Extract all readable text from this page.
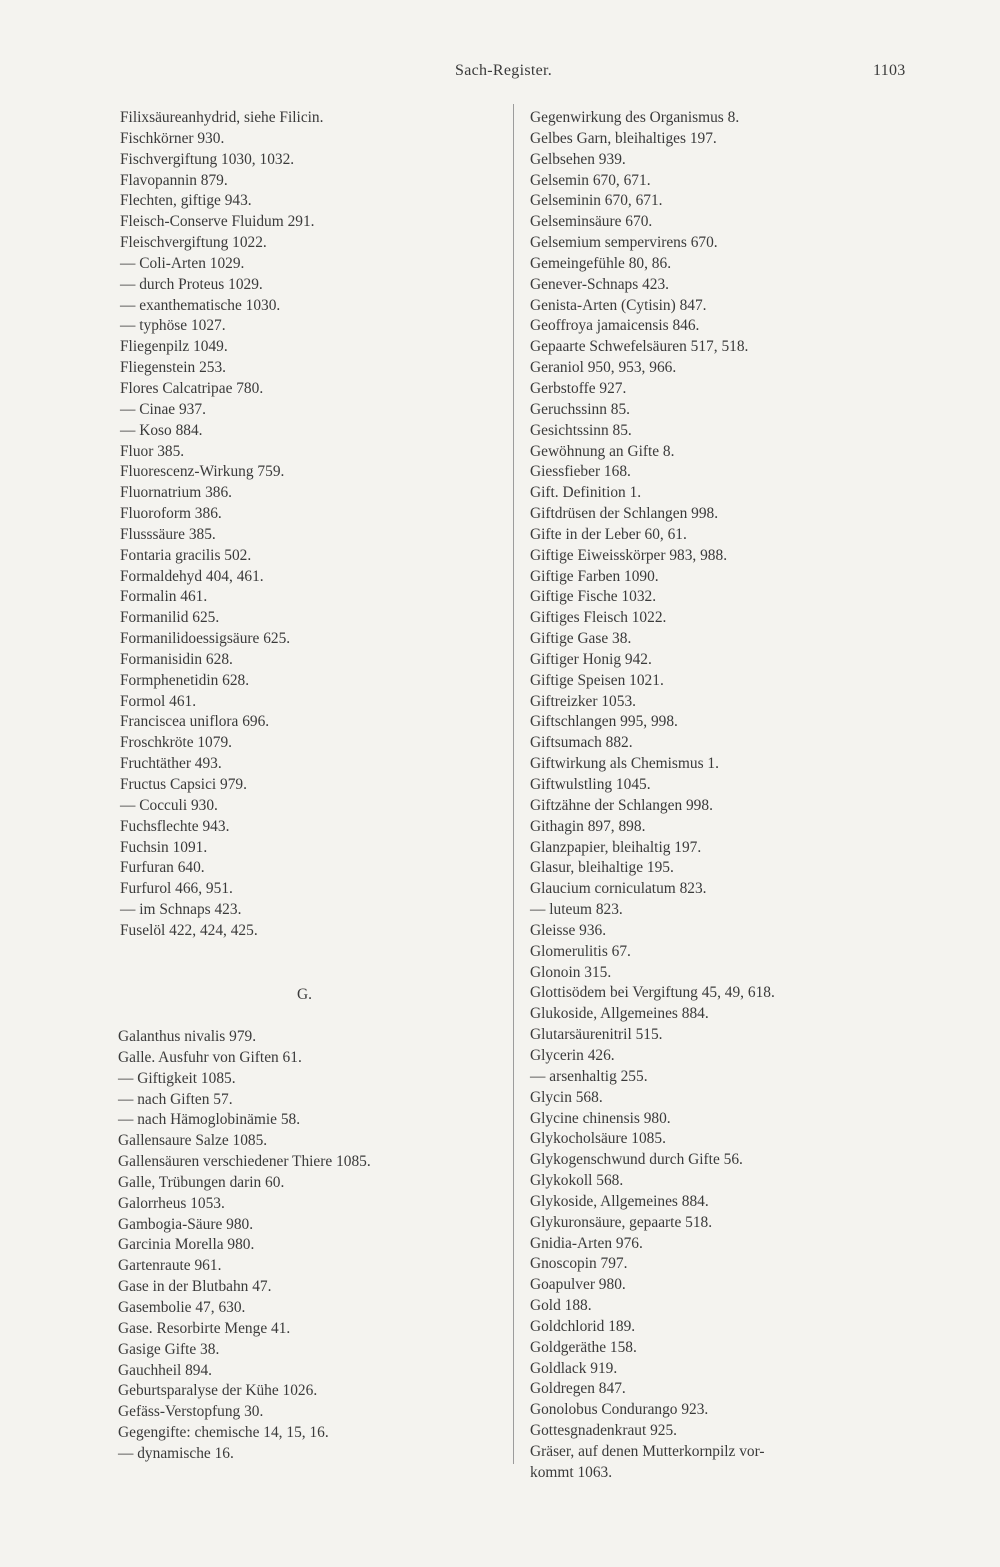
Sach-Register.	1103
Filixsäureanhydrid, siehe Filicin.
Fischkörner 930.
Fischvergiftung 1030, 1032.
Flavopannin 879.
Flechten, giftige 943.
Fleisch-Conserve Fluidum 291.
Fleischvergiftung 1022.
— Coli-Arten 1029.
— durch Proteus 1029.
— exanthematische 1030.
— typhöse 1027.
Fliegenpilz 1049.
Fliegenstein 253.
Flores Calcatripae 780.
— Cinae 937.
— Koso 884.
Fluor 385.
Fluorescenz-Wirkung 759.
Fluornatrium 386.
Fluoroform 386.
Flusssäure 385.
Fontaria gracilis 502.
Formaldehyd 404, 461.
Formalin 461.
Formanilid 625.
Formanilidoessigsäure 625.
Formanisidin 628.
Formphenetidin 628.
Formol 461.
Franciscea uniflora 696.
Froschkröte 1079.
Fruchtäther 493.
Fructus Capsici 979.
— Cocculi 930.
Fuchsflechte 943.
Fuchsin 1091.
Furfuran 640.
Furfurol 466, 951.
— im Schnaps 423.
Fuselöl 422, 424, 425.
G.
Galanthus nivalis 979.
Galle. Ausfuhr von Giften 61.
— Giftigkeit 1085.
— nach Giften 57.
— nach Hämoglobinämie 58.
Gallensaure Salze 1085.
Gallensäuren verschiedener Thiere 1085.
Galle, Trübungen darin 60.
Galorrheus 1053.
Gambogia-Säure 980.
Garcinia Morella 980.
Gartenraute 961.
Gase in der Blutbahn 47.
Gasembolie 47, 630.
Gase. Resorbirte Menge 41.
Gasige Gifte 38.
Gauchheil 894.
Geburtsparalyse der Kühe 1026.
Gefäss-Verstopfung 30.
Gegengifte: chemische 14, 15, 16.
— dynamische 16.
Gegenwirkung des Organismus 8.
Gelbes Garn, bleihaltiges 197.
Gelbsehen 939.
Gelsemin 670, 671.
Gelseminin 670, 671.
Gelseminsäure 670.
Gelsemium sempervirens 670.
Gemeingefühle 80, 86.
Genever-Schnaps 423.
Genista-Arten (Cytisin) 847.
Geoffroya jamaicensis 846.
Gepaarte Schwefelsäuren 517, 518.
Geraniol 950, 953, 966.
Gerbstoffe 927.
Geruchssinn 85.
Gesichtssinn 85.
Gewöhnung an Gifte 8.
Giessfieber 168.
Gift. Definition 1.
Giftdrüsen der Schlangen 998.
Gifte in der Leber 60, 61.
Giftige Eiweisskörper 983, 988.
Giftige Farben 1090.
Giftige Fische 1032.
Giftiges Fleisch 1022.
Giftige Gase 38.
Giftiger Honig 942.
Giftige Speisen 1021.
Giftreizker 1053.
Giftschlangen 995, 998.
Giftsumach 882.
Giftwirkung als Chemismus 1.
Giftwulstling 1045.
Giftzähne der Schlangen 998.
Githagin 897, 898.
Glanzpapier, bleihaltig 197.
Glasur, bleihaltige 195.
Glaucium corniculatum 823.
— luteum 823.
Gleisse 936.
Glomerulitis 67.
Glonoin 315.
Glottisödem bei Vergiftung 45, 49, 618.
Glukoside, Allgemeines 884.
Glutarsäurenitril 515.
Glycerin 426.
— arsenhaltig 255.
Glycin 568.
Glycine chinensis 980.
Glykocholsäure 1085.
Glykogenschwund durch Gifte 56.
Glykokoll 568.
Glykoside, Allgemeines 884.
Glykuronsäure, gepaarte 518.
Gnidia-Arten 976.
Gnoscopin 797.
Goapulver 980.
Gold 188.
Goldchlorid 189.
Goldgeräthe 158.
Goldlack 919.
Goldregen 847.
Gonolobus Condurango 923.
Gottesgnadenkraut 925.
Gräser, auf denen Mutterkornpilz vor-
kommt 1063.
